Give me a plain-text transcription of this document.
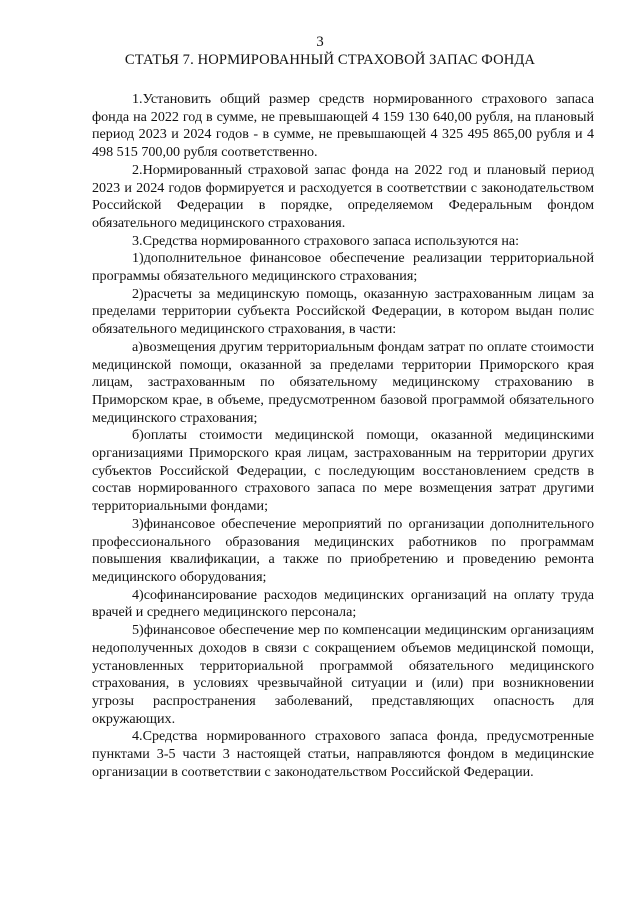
3
СТАТЬЯ 7. НОРМИРОВАННЫЙ СТРАХОВОЙ ЗАПАС ФОНДА

1.Установить общий размер средств нормированного страхового запаса фонда на 2022 год в сумме, не превышающей 4 159 130 640,00 рубля, на плановый период 2023 и 2024 годов - в сумме, не превышающей 4 325 495 865,00 рубля и 4 498 515 700,00 рубля соответственно.

2.Нормированный страховой запас фонда на 2022 год и плановый период 2023 и 2024 годов формируется и расходуется в соответствии с законодательством Российской Федерации в порядке, определяемом Федеральным фондом обязательного медицинского страхования.

3.Средства нормированного страхового запаса используются на:

1)дополнительное финансовое обеспечение реализации территориальной программы обязательного медицинского страхования;

2)расчеты за медицинскую помощь, оказанную застрахованным лицам за пределами территории субъекта Российской Федерации, в котором выдан полис обязательного медицинского страхования, в части:

а)возмещения другим территориальным фондам затрат по оплате стоимости медицинской помощи, оказанной за пределами территории Приморского края лицам, застрахованным по обязательному медицинскому страхованию в Приморском крае, в объеме, предусмотренном базовой программой обязательного медицинского страхования;

б)оплаты стоимости медицинской помощи, оказанной медицинскими организациями Приморского края лицам, застрахованным на территории других субъектов Российской Федерации, с последующим восстановлением средств в состав нормированного страхового запаса по мере возмещения затрат другими территориальными фондами;

3)финансовое обеспечение мероприятий по организации дополнительного профессионального образования медицинских работников по программам повышения квалификации, а также по приобретению и проведению ремонта медицинского оборудования;

4)софинансирование расходов медицинских организаций на оплату труда врачей и среднего медицинского персонала;

5)финансовое обеспечение мер по компенсации медицинским организациям недополученных доходов в связи с сокращением объемов медицинской помощи, установленных территориальной программой обязательного медицинского страхования, в условиях чрезвычайной ситуации и (или) при возникновении угрозы распространения заболеваний, представляющих опасность для окружающих.

4.Средства нормированного страхового запаса фонда, предусмотренные пунктами 3-5 части 3 настоящей статьи, направляются фондом в медицинские организации в соответствии с законодательством Российской Федерации.
